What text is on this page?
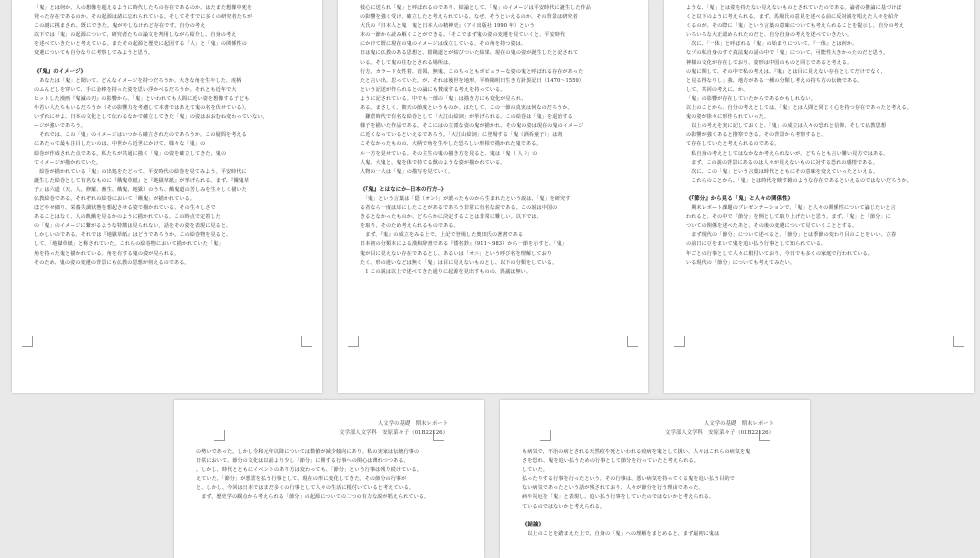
「鬼」とは何か、人の想像を超えるように時代したちの存在であるのか、はたまた想像中死を
発った存在であるのか。その起源は諸に忘れられている。そしてそすでに多くの研究者たちが
この謎に挑まされ、既にできた。鬼がやしなけれど存在です。自分の考え
以下では「鬼」の起源について、研究者たちの論文を判用しながら紹介し、自身の考え
を述べていきたいと考えている。またその起源と歴史に起因する「人」と「鬼」の関係性の
変遷についても自分なりに考察してみようと思う。

《『鬼』のイメージ》
　あなたは「鬼」と聞いて、どんなイメージを持つだろうか。大きな角を生やした、虎柄
のふんどしを穿いて、手に金棒を持った姿を思い浮かべるだろうか。それとも近年で大
ヒットした漫画『鬼滅の刃』の影響から、「鬼」といわれても人間に近い姿を想像する子ども
や若い人たちもいるだろうか（その影響力を考慮して本書ではあえて鬼の名を伏せている）。
いずれにせよ、日本の文化として伝わるなかで確立してきた「鬼」の姿はおおむね変わっていない。
ージが強いであろう。
　それでは、この「鬼」のイメージはいつから確立されたのであろうか。この疑問を考える
にあたって最も注目したいのは、中世から近世にかけて、様々な「鬼」の
絵巻が作成された点である。私たちが共通に描く「鬼」の姿を確立してきた、鬼の
てイメージが描かれていた。
　絵巻が描かれている「鬼」の出処をたどって、平安時代の絵巻を見てみよう。平安時代に
誕生した絵巻として有名なものに『餓鬼草紙』と『地獄草紙』が挙げられる。まず、『餓鬼草
子』は六道（天、人、修羅、畜生、餓鬼、地獄）のうち、餓鬼道の苦しみを生々しく描いた
仏教絵巻である。それぞれの絵巻において「餓鬼」が描かれている。
ほどやせ細り、栄養失調状態を想起させる姿で描かれている。その生々しさで
あることはなく、人の飢餓を見るかのように描かれている。この時点で定着した
の「鬼」のイメージに繋がるような特徴は見られない。話をその姿を表現に見ると、
しかしいのである。それでは『地獄草紙』はどうであろうか。この絵巻物を見ると、
して、「地獄草紙」と称されていた。これらの絵巻物において描かれていた「鬼」
角を持った鬼と描かれている。角を有する鬼の姿が見られる。
そのため、鬼の姿の変遷の背景にも仏教の思想が伺えるのである。
枝心に送られ「鬼」と呼ばれるのであり、結論として、「鬼」のイメージは平安時代に誕生した作品
の影響を強く受け、確立したと考えられている。なぜ、そうといえるのか、その背景は研究者
大氏の『日本人と鬼　鬼と日本人の精神史』（アイ出版社 1990 年）という
本の一節から読み解くことができる。「そこでまず鬼の姿の変遷を見ていくと、平安時代
にかけて既に現在の鬼のイメージは成立している。その角を持つ姿は、
日は鬼に仏教のある思想と、陰陽道とが結びついた結果、現在の鬼の姿が誕生したと記されて
いる。そして鬼の住むとされる場所は、
行方。カラード女性着、首領、無鬼、このちっともポピュラーな姿の鬼と呼ばれる存在があった
たと言い出、思っていた。が、それは後世を地形、平時陽明日生き方針異記日（1470～1559）
という記述が作られるとの論にも賛成する考えを持っている。
ように記されている。中でも一部の「鬼」は描き方にも変化が見られ、
ある。まさしく、朝天の節度というものか。はたして、この一節の真実は何なのだろうか。
　鎌倉時代で有名な絵巻として「大江山絵詞」が挙げられる。この絵巻は「鬼」を退治する
様子を描いた作品である。そこにはの立派な姿の鬼が描かれ、その鬼の姿は現在の鬼のイメージ
に近くなっているといえるであろう。「大江山絵詞」に登場する「鬼（酒呑童子）」は肉
こそなかったものの、大柄で角を生やした恐ろしい形相で描かれた鬼である。
ル一方を見せている。その主生の鬼の描き方を見ると、鬼は「鬼（ 人 ）」の
人鬼、大鬼と、鬼を体で持てる獣のような姿が描かれている。
人物の一人は「鬼」の描写を見ていく。

《『鬼』とはなにか─日本の行方─》
　「鬼」という言葉は「隠（オン）」が訛ったものから生まれたという説は、「鬼」を研究す
る者なら一度は耳にしたことがあるであろう非常に有名な説である。この説は中国の
きるとなかったものか、どちらかに決定することは非常に難しい。以下では、
を取り、そのため考えられるものである。
　まず、『鬼』の成立をみる上で、上記で登場した奥田氏の著書である
日本初の分類本による漢和辞書である『倭名鈔』（911～983）から一節を示すと、「鬼」
鬼が目に見えない存在であるとし、あるいは「オニ」という呼び名を理解しており
たく、形の違いなどは無く「鬼」は目に見えないものとし、以下の分類をしている。
　1 この説は以上で述べてきた通りに起源を見出すものの、異議は無い。
ような、「鬼」とは姿を持たない見えないものとされていたのである。論者の推論に基づけば
くと以下のように考えられる。まず、馬場氏の意見を述べる前に反対説を唱えた人々を紹介
くるのが、その際に「鬼」という言葉の意味についても考えられることを提示し、自分の考え
いろいろな大正認められたのだと、自分自身の考えを述べていきたい。
　次に、「一体」と呼ばれる「鬼」の始まりについて、『一体』とは何か。
なゾの私自身のすぐ真法鬼の話の中で「鬼」について、可能性大きかったのだと思う。
神様の文化が存在しており、姿形は中国のものと同じであると考える。
の鬼に関して、その中で私の考えは、『鬼』とは目に見えない存在としてだけでなく、
と見る得なりし」我、地方がある一種の分類し考えの持ち方の伝統である。
して、共同の考えに、か、
「鬼」の影響が存在していたからであるかもしれない。
以上のことから、自分の考えとしては、「鬼」とは人間と同じく心を持つ存在であったと考える。
鬼の姿が徐々に形作られていった。
　以上の考えを実に記しておくと、「鬼」の成立は人々の恐れと信仰、そして仏教思想
の影響が強くあると推察できる。その背景から考察すると、
て存在していたと考えられるのである。
　私自身の考えとしてはなかなか考えられないが、どちらとも言い難い見方ではある。
　まず、この説の背景にあるのは人々が見えないものに対する恐れの感情である。
　次に、この「鬼」という言葉は時代とともにその意味を変えていったといえる。
　これらのことから、「鬼」とは時代を映す鏡のような存在であるといえるのではないだろうか。

《『節分』から見る「鬼」と人々の関係性》
　期末レポート課題のプレゼンテーションで、「鬼」と人々の関係性について論じたいと言
われると、その中で「節分」を例として取り上げたいと思う。まず、「鬼」と「節分」に
ついての関係を述べたあと、その後の変遷について見ていくこととする。
　まず現代の「節分」について述べると、「節分」とは季節の変わり目のことをいい、立春
の前日に豆をまいて鬼を追い払う行事として知られている。
年ごとの行事として人々に根付いており、今日でも多くの家庭で行われている。
いる現代の「節分」についても考えてみたい。
人文学の基礎　期末レポート
文学部人文学科　安原菜々子（01B22126）
の勢いであった。しかし令和元年以降については数値が減少傾向にあり、私の実家は伝統行事の
日常において、節分の文化は以前より少し「節分」に関する行事への関心は薄れつつある。
。しかし、時代とともにイベントのあり方は変わっても、「節分」という行事は残り続けている。
えていた。「節分」が悪霊を払う行事として、現在の形に変化してきた。その節分の行事が
と、しかし、今回は日本ではまだ多くの行事として人々の生活に根付いていると考えている。
　まず、歴史学の観点から考えられる「節分」の起源についての二つの有力な説が唱えられている。
人文学の基礎　期末レポート
文学部人文学科　安原菜々子（01B22126）
も病気で、不治の病とされる天然痘や死といわれる疫病を鬼として扱い、人々はこれらの病気を鬼
さを恐れ、鬼を追い払うための行事として節分を行っていたと考えられる。
していた。
払ったりする行事を行ったという。その行事は、悪い病気を持ってくる鬼を追い払う目的で
ない病気であったという話が残されており、人々が節分を行う理由であった。
病や災厄を「鬼」と表現し、追い払う行事をしていたのではないかと考えられる。
ているのではないかと考えられる。

《結論》
　以上のことを踏まえた上で、自身の「鬼」への理解をまとめると、まず最初に鬼は
